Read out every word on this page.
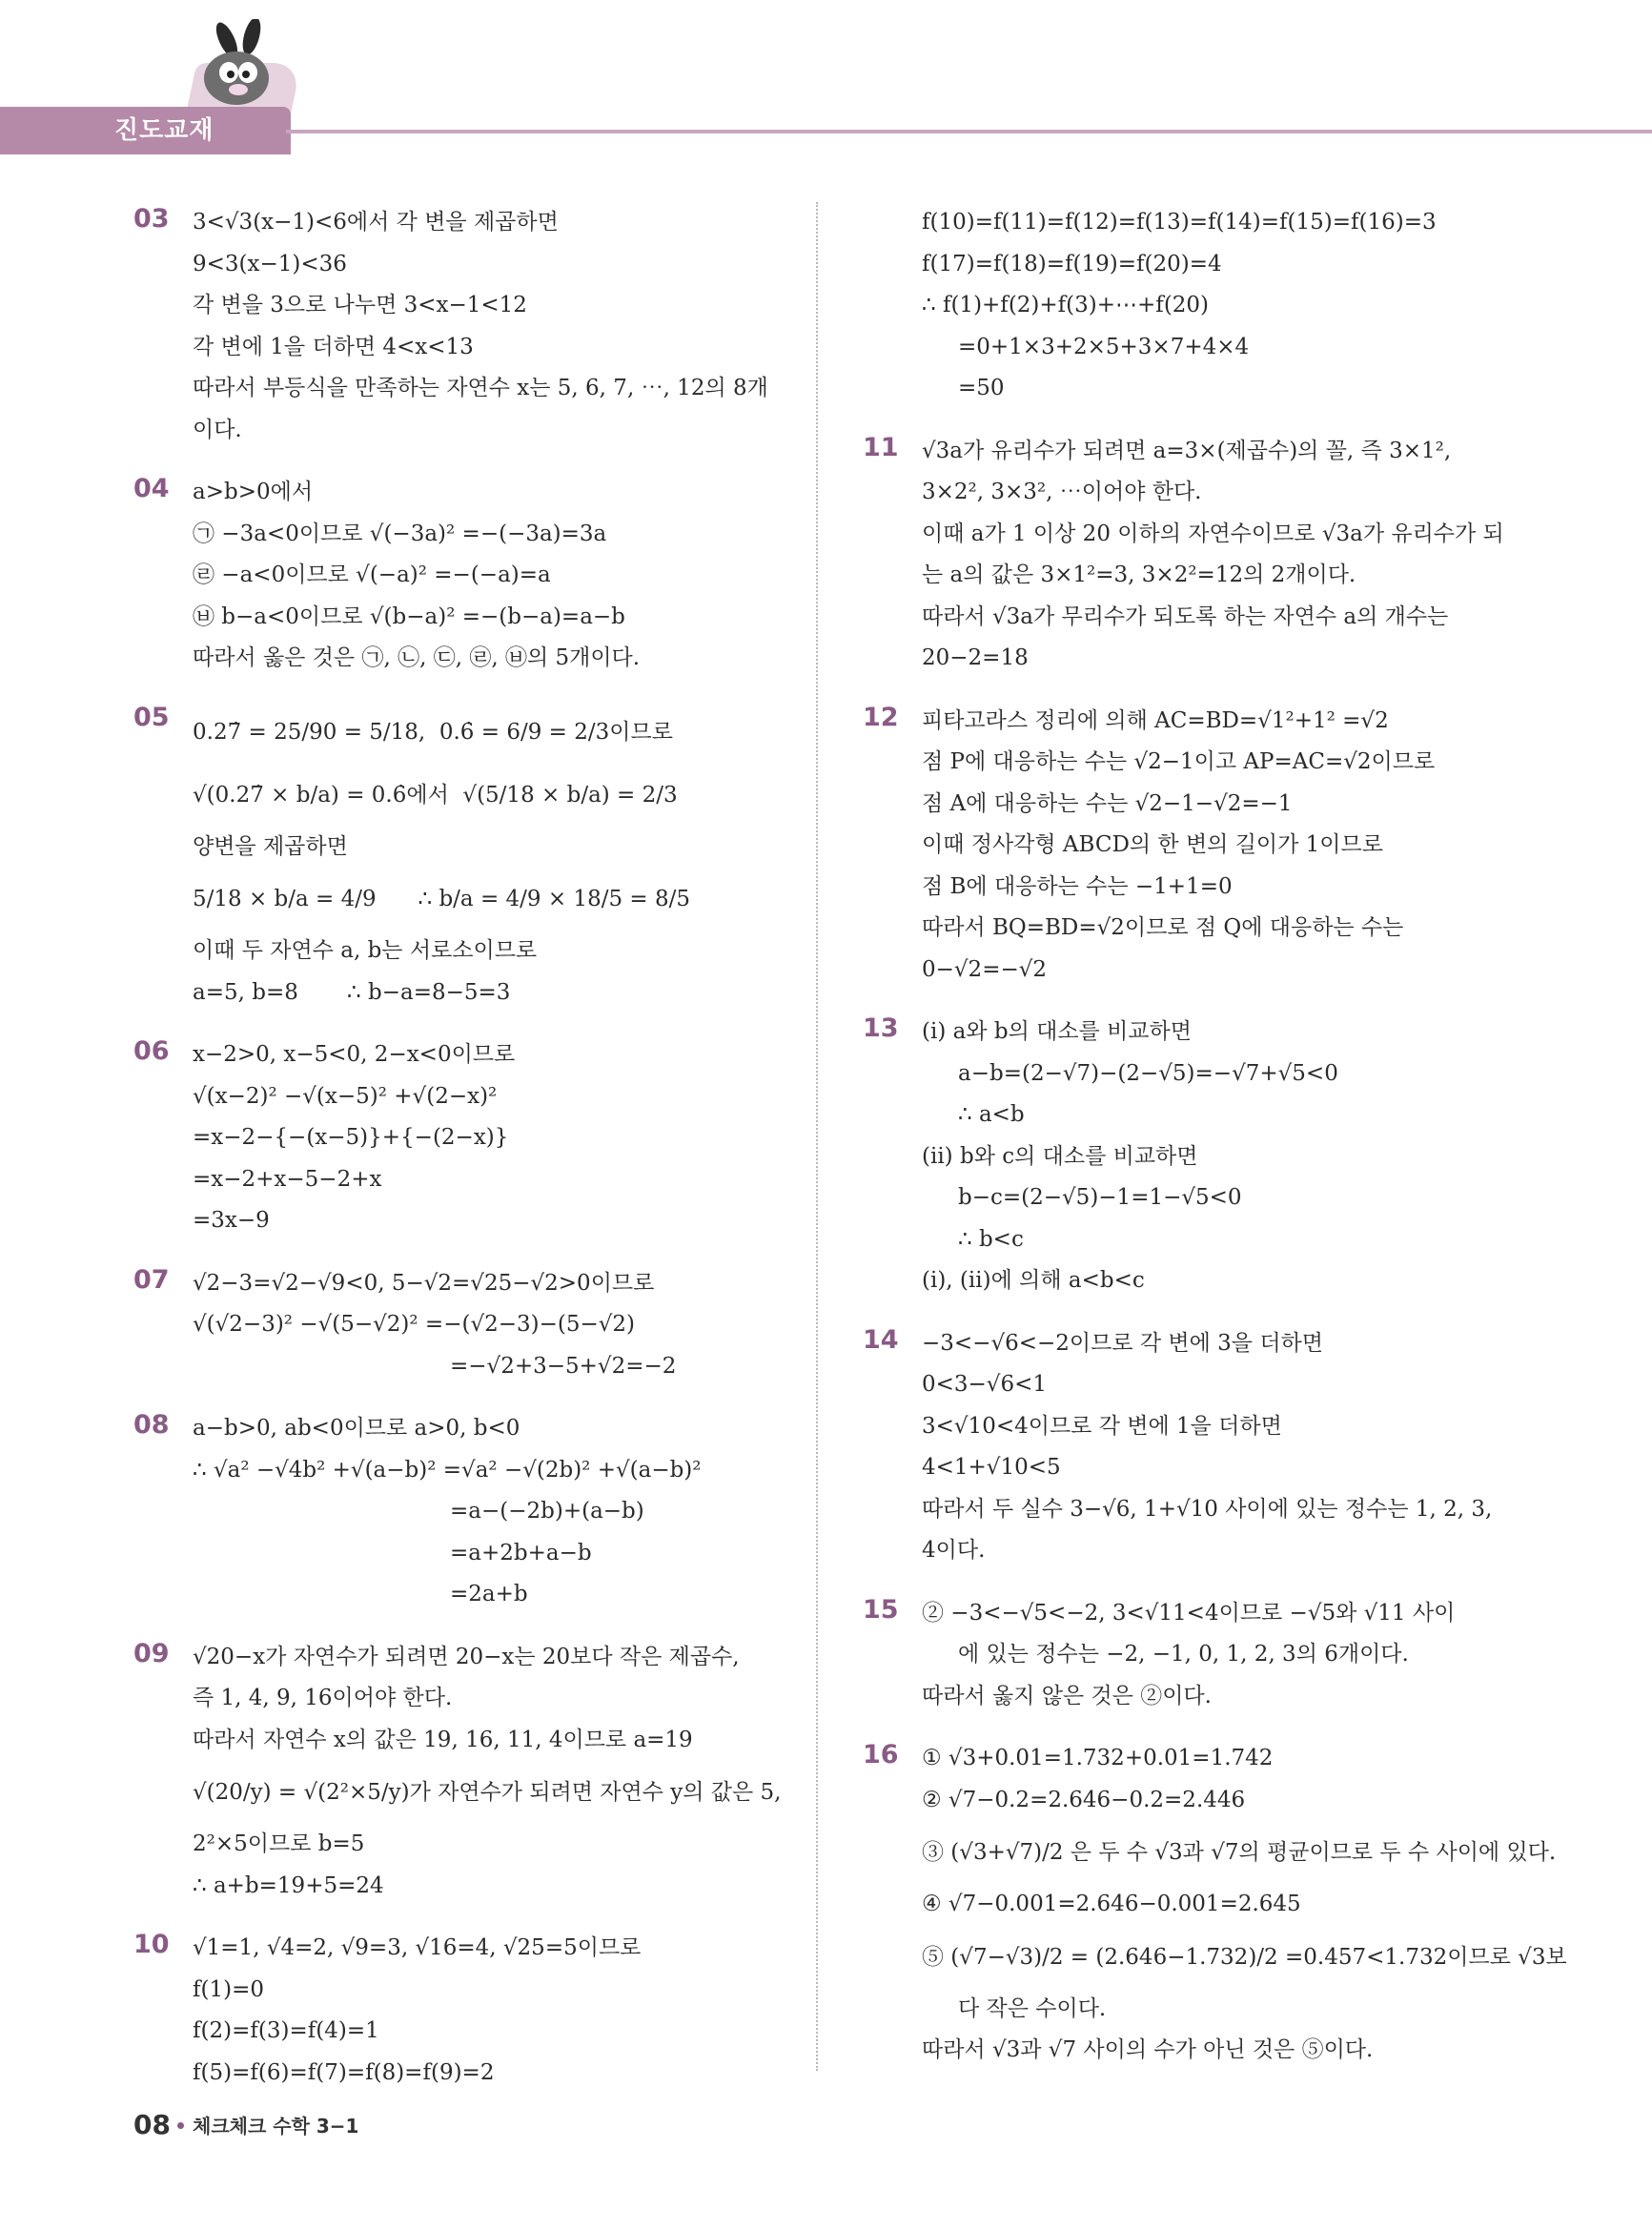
진도교재
03 3<√3(x−1)<6에서 각 변을 제곱하면
9<3(x−1)<36
각 변을 3으로 나누면 3<x−1<12
각 변에 1을 더하면 4<x<13
따라서 부등식을 만족하는 자연수 x는 5, 6, 7, ⋯, 12의 8개
이다.
04 a>b>0에서
㉠ −3a<0이므로 √(−3a)² =−(−3a)=3a
㉣ −a<0이므로 √(−a)² =−(−a)=a
㉥ b−a<0이므로 √(b−a)² =−(b−a)=a−b
따라서 옳은 것은 ㉠, ㉡, ㉢, ㉣, ㉥의 5개이다.
05 0.27̇ = 25/90 = 5/18,  0.6̇ = 6/9 = 2/3이므로
√(0.27̇ × b/a) = 0.6̇에서  √(5/18 × b/a) = 2/3
양변을 제곱하면
5/18 × b/a = 4/9      ∴ b/a = 4/9 × 18/5 = 8/5
이때 두 자연수 a, b는 서로소이므로
a=5, b=8       ∴ b−a=8−5=3
06 x−2>0, x−5<0, 2−x<0이므로
√(x−2)² −√(x−5)² +√(2−x)²
=x−2−{−(x−5)}+{−(2−x)}
=x−2+x−5−2+x
=3x−9
07 √2−3=√2−√9<0, 5−√2=√25−√2>0이므로
√(√2−3)² −√(5−√2)² =−(√2−3)−(5−√2)
=−√2+3−5+√2=−2
08 a−b>0, ab<0이므로 a>0, b<0
∴ √a² −√4b² +√(a−b)² =√a² −√(2b)² +√(a−b)²
=a−(−2b)+(a−b)
=a+2b+a−b
=2a+b
09 √20−x가 자연수가 되려면 20−x는 20보다 작은 제곱수,
즉 1, 4, 9, 16이어야 한다.
따라서 자연수 x의 값은 19, 16, 11, 4이므로 a=19
√(20/y) = √(2²×5/y)가 자연수가 되려면 자연수 y의 값은 5,
2²×5이므로 b=5
∴ a+b=19+5=24
10 √1=1, √4=2, √9=3, √16=4, √25=5이므로
f(1)=0
f(2)=f(3)=f(4)=1
f(5)=f(6)=f(7)=f(8)=f(9)=2
f(10)=f(11)=f(12)=f(13)=f(14)=f(15)=f(16)=3
f(17)=f(18)=f(19)=f(20)=4
∴ f(1)+f(2)+f(3)+⋯+f(20)
=0+1×3+2×5+3×7+4×4
=50
11 √3a가 유리수가 되려면 a=3×(제곱수)의 꼴, 즉 3×1²,
3×2², 3×3², ⋯이어야 한다.
이때 a가 1 이상 20 이하의 자연수이므로 √3a가 유리수가 되
는 a의 값은 3×1²=3, 3×2²=12의 2개이다.
따라서 √3a가 무리수가 되도록 하는 자연수 a의 개수는
20−2=18
12 피타고라스 정리에 의해 AC=BD=√1²+1² =√2
점 P에 대응하는 수는 √2−1이고 AP=AC=√2이므로
점 A에 대응하는 수는 √2−1−√2=−1
이때 정사각형 ABCD의 한 변의 길이가 1이므로
점 B에 대응하는 수는 −1+1=0
따라서 BQ=BD=√2이므로 점 Q에 대응하는 수는
0−√2=−√2
13 (i) a와 b의 대소를 비교하면
a−b=(2−√7)−(2−√5)=−√7+√5<0
∴ a<b
(ii) b와 c의 대소를 비교하면
b−c=(2−√5)−1=1−√5<0
∴ b<c
(i), (ii)에 의해 a<b<c
14 −3<−√6<−2이므로 각 변에 3을 더하면
0<3−√6<1
3<√10<4이므로 각 변에 1을 더하면
4<1+√10<5
따라서 두 실수 3−√6, 1+√10 사이에 있는 정수는 1, 2, 3,
4이다.
15 ② −3<−√5<−2, 3<√11<4이므로 −√5와 √11 사이
에 있는 정수는 −2, −1, 0, 1, 2, 3의 6개이다.
따라서 옳지 않은 것은 ②이다.
16 ① √3+0.01=1.732+0.01=1.742
② √7−0.2=2.646−0.2=2.446
③ (√3+√7)/2 은 두 수 √3과 √7의 평균이므로 두 수 사이에 있다.
④ √7−0.001=2.646−0.001=2.645
⑤ (√7−√3)/2 = (2.646−1.732)/2 =0.457<1.732이므로 √3보
다 작은 수이다.
따라서 √3과 √7 사이의 수가 아닌 것은 ⑤이다.
08 체크체크 수학 3−1
